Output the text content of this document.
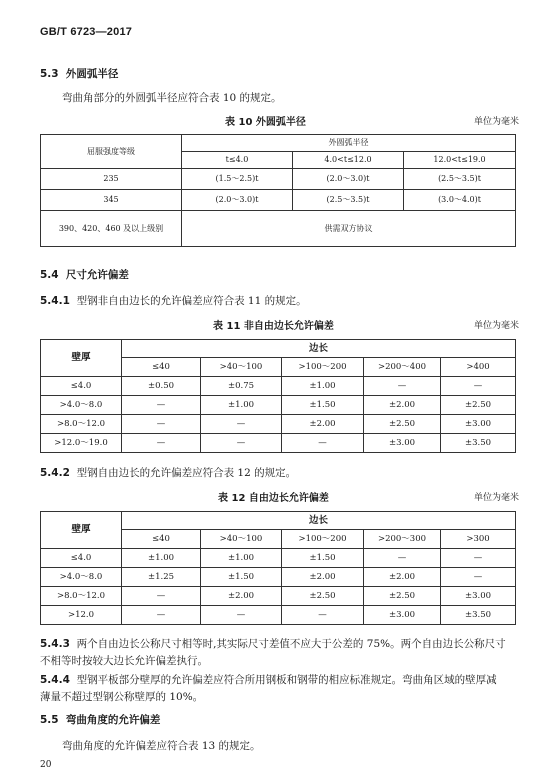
GB/T 6723—2017
5.3 外圆弧半径
弯曲角部分的外圆弧半径应符合表 10 的规定。
表 10 外圆弧半径	单位为毫米
屈服强度等级	外圆弧半径		
	t≤4.0	4.0<t≤12.0	12.0<t≤19.0
235	(1.5～2.5)t	(2.0～3.0)t	(2.5～3.5)t
345	(2.0～3.0)t	(2.5～3.5)t	(3.0～4.0)t
390、420、460 及以上级别	供需双方协议		
5.4 尺寸允许偏差
5.4.1 型钢非自由边长的允许偏差应符合表 11 的规定。
表 11 非自由边长允许偏差	单位为毫米
壁厚	边长				
	≤40	>40～100	>100～200	>200～400	>400
≤4.0	±0.50	±0.75	±1.00	—	—
>4.0～8.0	—	±1.00	±1.50	±2.00	±2.50
>8.0～12.0	—	—	±2.00	±2.50	±3.00
>12.0～19.0	—	—	—	±3.00	±3.50
5.4.2 型钢自由边长的允许偏差应符合表 12 的规定。
表 12 自由边长允许偏差	单位为毫米
壁厚	边长				
	≤40	>40～100	>100～200	>200～300	>300
≤4.0	±1.00	±1.00	±1.50	—	—
>4.0～8.0	±1.25	±1.50	±2.00	±2.00	—
>8.0～12.0	—	±2.00	±2.50	±2.50	±3.00
>12.0	—	—	—	±3.00	±3.50
5.4.3 两个自由边长公称尺寸相等时,其实际尺寸差值不应大于公差的 75%。两个自由边长公称尺寸
不相等时按较大边长允许偏差执行。
5.4.4 型钢平板部分壁厚的允许偏差应符合所用钢板和钢带的相应标准规定。弯曲角区域的壁厚减
薄量不超过型钢公称壁厚的 10%。
5.5 弯曲角度的允许偏差
弯曲角度的允许偏差应符合表 13 的规定。
20
